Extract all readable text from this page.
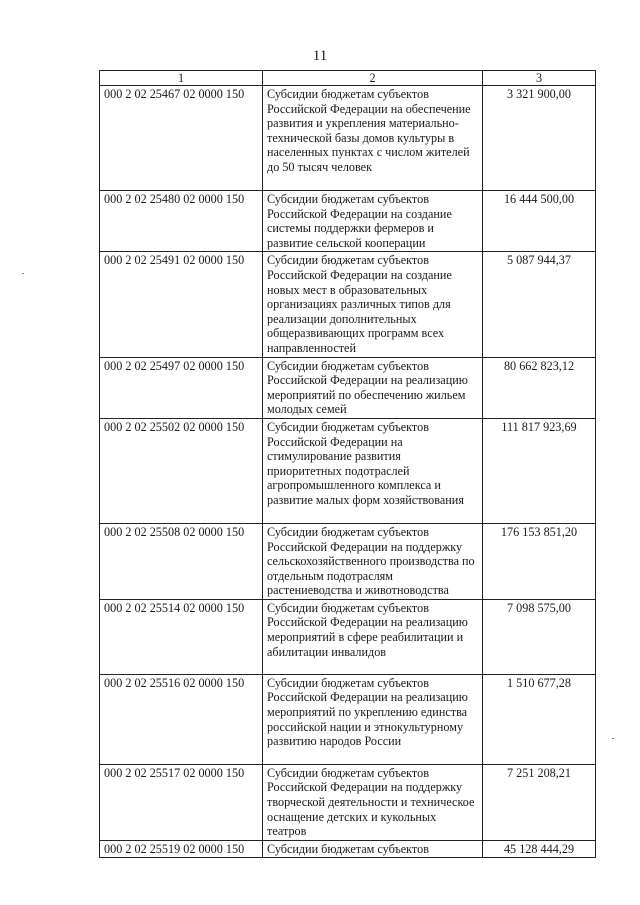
11
1	2	3
000 2 02 25467 02 0000 150	Субсидии бюджетам субъектов Российской Федерации на обеспечение развития и укрепления материально-технической базы домов культуры в населенных пунктах с числом жителей до 50 тысяч человек	3 321 900,00
000 2 02 25480 02 0000 150	Субсидии бюджетам субъектов Российской Федерации на создание системы поддержки фермеров и развитие сельской кооперации	16 444 500,00
000 2 02 25491 02 0000 150	Субсидии бюджетам субъектов Российской Федерации на создание новых мест в образовательных организациях различных типов для реализации дополнительных общеразвивающих программ всех направленностей	5 087 944,37
000 2 02 25497 02 0000 150	Субсидии бюджетам субъектов Российской Федерации на реализацию мероприятий по обеспечению жильем молодых семей	80 662 823,12
000 2 02 25502 02 0000 150	Субсидии бюджетам субъектов Российской Федерации на стимулирование развития приоритетных подотраслей агропромышленного комплекса и развитие малых форм хозяйствования	111 817 923,69
000 2 02 25508 02 0000 150	Субсидии бюджетам субъектов Российской Федерации на поддержку сельскохозяйственного производства по отдельным подотраслям растениеводства и животноводства	176 153 851,20
000 2 02 25514 02 0000 150	Субсидии бюджетам субъектов Российской Федерации на реализацию мероприятий в сфере реабилитации и абилитации инвалидов	7 098 575,00
000 2 02 25516 02 0000 150	Субсидии бюджетам субъектов Российской Федерации на реализацию мероприятий по укреплению единства российской нации и этнокультурному развитию народов России	1 510 677,28
000 2 02 25517 02 0000 150	Субсидии бюджетам субъектов Российской Федерации на поддержку творческой деятельности и техническое оснащение детских и кукольных театров	7 251 208,21
000 2 02 25519 02 0000 150	Субсидии бюджетам субъектов	45 128 444,29
